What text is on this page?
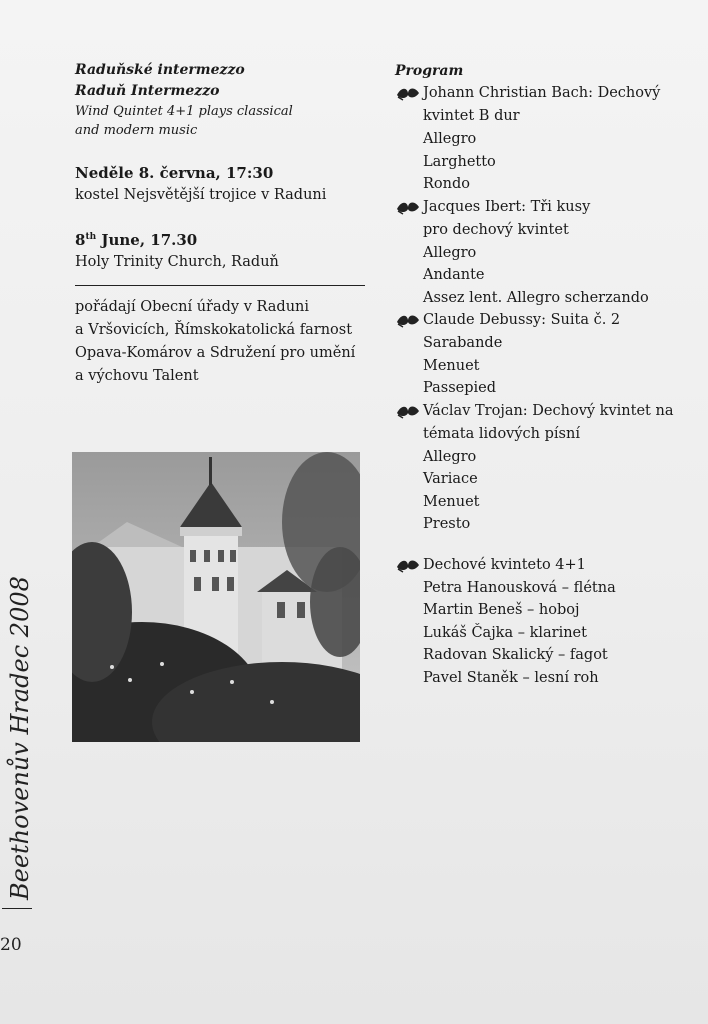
Raduňské intermezzo

Raduň Intermezzo

Wind Quintet 4+1 plays classical

and modern music

Neděle 8. června, 17:30
kostel Nejsvětější trojice v Raduni
8th June, 17.30
Holy Trinity Church, Raduň
pořádají Obecní úřady v Raduni
a Vršovicích, Římskokatolická farnost
Opava-Komárov a Sdružení pro umění
a výchovu Talent

Program

Johann Christian Bach: Dechový
kvintet B dur
Allegro
Larghetto
Rondo
Jacques Ibert: Tři kusy
pro dechový kvintet
Allegro
Andante
Assez lent. Allegro scherzando
Claude Debussy: Suita č. 2
Sarabande
Menuet
Passepied
Václav Trojan: Dechový kvintet na
témata lidových písní
Allegro
Variace
Menuet
Presto
Dechové kvinteto 4+1
Petra Hanousková – flétna
Martin Beneš – hoboj
Lukáš Čajka – klarinet
Radovan Skalický – fagot
Pavel Staněk – lesní roh
Beethovenův Hradec 2008
20
